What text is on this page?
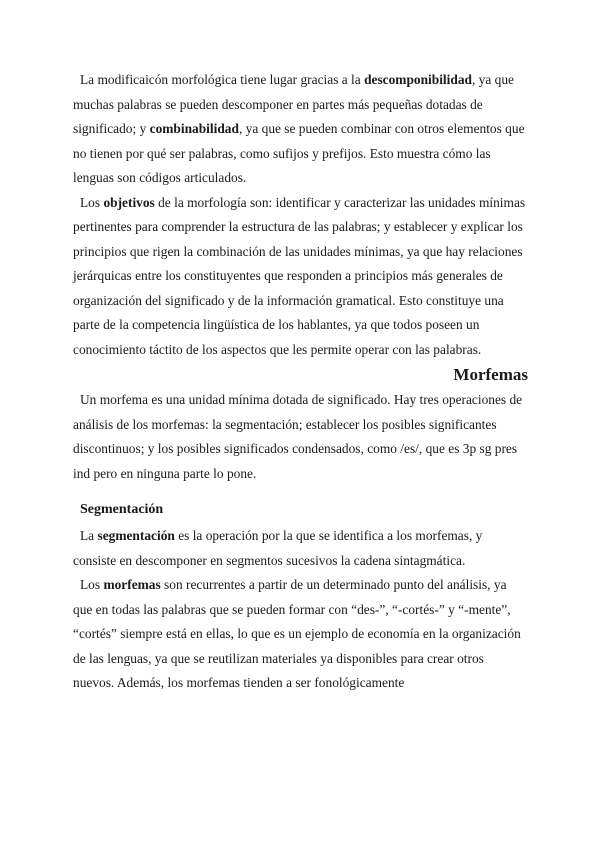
La modificaicón morfológica tiene lugar gracias a la descomponibilidad, ya que muchas palabras se pueden descomponer en partes más pequeñas dotadas de significado; y combinabilidad, ya que se pueden combinar con otros elementos que no tienen por qué ser palabras, como sufijos y prefijos. Esto muestra cómo las lenguas son códigos articulados.

Los objetivos de la morfología son: identificar y caracterizar las unidades mínimas pertinentes para comprender la estructura de las palabras; y establecer y explicar los principios que rigen la combinación de las unidades mínimas, ya que hay relaciones jerárquicas entre los constituyentes que responden a principios más generales de organización del significado y de la información gramatical. Esto constituye una parte de la competencia lingüística de los hablantes, ya que todos poseen un conocimiento táctito de los aspectos que les permite operar con las palabras.

Morfemas

Un morfema es una unidad mínima dotada de significado. Hay tres operaciones de análisis de los morfemas: la segmentación; establecer los posibles significantes discontinuos; y los posibles significados condensados, como /es/, que es 3p sg pres ind pero en ninguna parte lo pone.

Segmentación

La segmentación es la operación por la que se identifica a los morfemas, y consiste en descomponer en segmentos sucesivos la cadena sintagmática.

Los morfemas son recurrentes a partir de un determinado punto del análisis, ya que en todas las palabras que se pueden formar con “des-”, “-cortés-” y “-mente”, “cortés” siempre está en ellas, lo que es un ejemplo de economía en la organización de las lenguas, ya que se reutilizan materiales ya disponibles para crear otros nuevos. Además, los morfemas tienden a ser fonológicamente
